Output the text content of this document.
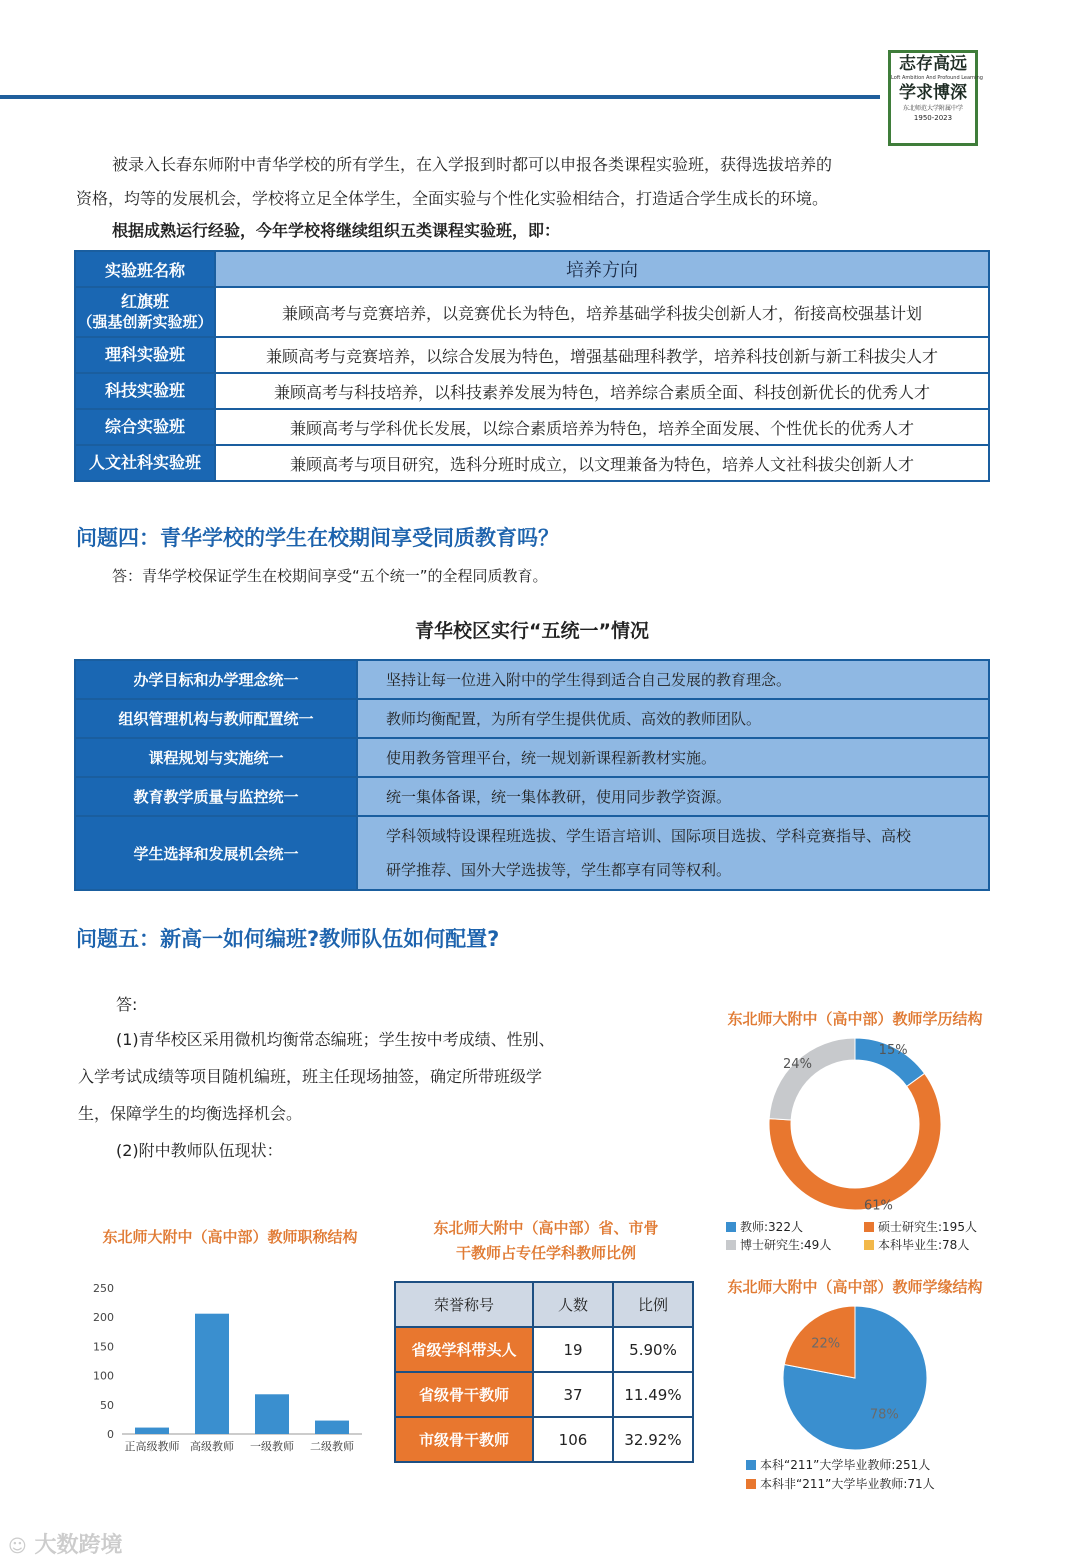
志存高远
Loft Ambition And Profound Learning
学求博深
东北师范大学附属中学
1950-2023
被录入长春东师附中青华学校的所有学生，在入学报到时都可以申报各类课程实验班，获得选拔培养的
资格，均等的发展机会，学校将立足全体学生，全面实验与个性化实验相结合，打造适合学生成长的环境。
根据成熟运行经验，今年学校将继续组织五类课程实验班，即：
实验班名称	培养方向

红旗班
（强基创新实验班）	兼顾高考与竞赛培养，以竞赛优长为特色，培养基础学科拔尖创新人才，衔接高校强基计划
理科实验班	兼顾高考与竞赛培养，以综合发展为特色，增强基础理科教学，培养科技创新与新工科拔尖人才
科技实验班	兼顾高考与科技培养，以科技素养发展为特色，培养综合素质全面、科技创新优长的优秀人才
综合实验班	兼顾高考与学科优长发展，以综合素质培养为特色，培养全面发展、个性优长的优秀人才
人文社科实验班	兼顾高考与项目研究，选科分班时成立，以文理兼备为特色，培养人文社科拔尖创新人才
问题四：青华学校的学生在校期间享受同质教育吗？
答：青华学校保证学生在校期间享受“五个统一”的全程同质教育。
青华校区实行“五统一”情况
办学目标和办学理念统一	坚持让每一位进入附中的学生得到适合自己发展的教育理念。
组织管理机构与教师配置统一	教师均衡配置，为所有学生提供优质、高效的教师团队。
课程规划与实施统一	使用教务管理平台，统一规划新课程新教材实施。
教育教学质量与监控统一	统一集体备课，统一集体教研，使用同步教学资源。
学生选择和发展机会统一	学科领域特设课程班选拔、学生语言培训、国际项目选拔、学科竞赛指导、高校
研学推荐、国外大学选拔等，学生都享有同等权利。
问题五：新高一如何编班?教师队伍如何配置?
答:
(1)青华校区采用微机均衡常态编班；学生按中考成绩、性别、
入学考试成绩等项目随机编班，班主任现场抽签，确定所带班级学
生，保障学生的均衡选择机会。
(2)附中教师队伍现状：
东北师大附中（高中部）教师职称结构
0
50
100
150
200
250
正高级教师 高级教师 一级教师 二级教师
东北师大附中（高中部）省、市骨
干教师占专任学科教师比例
荣誉称号	人数	比例
省级学科带头人	19	5.90%
省级骨干教师	37	11.49%
市级骨干教师	106	32.92%
东北师大附中（高中部）教师学历结构
15%
61%
24%
教师:322人	硕士研究生:195人
博士研究生:49人	本科毕业生:78人
东北师大附中（高中部）教师学缘结构
78%
22%
本科“211”大学毕业教师:251人
本科非“211”大学毕业教师:71人
☺ 大数跨境
